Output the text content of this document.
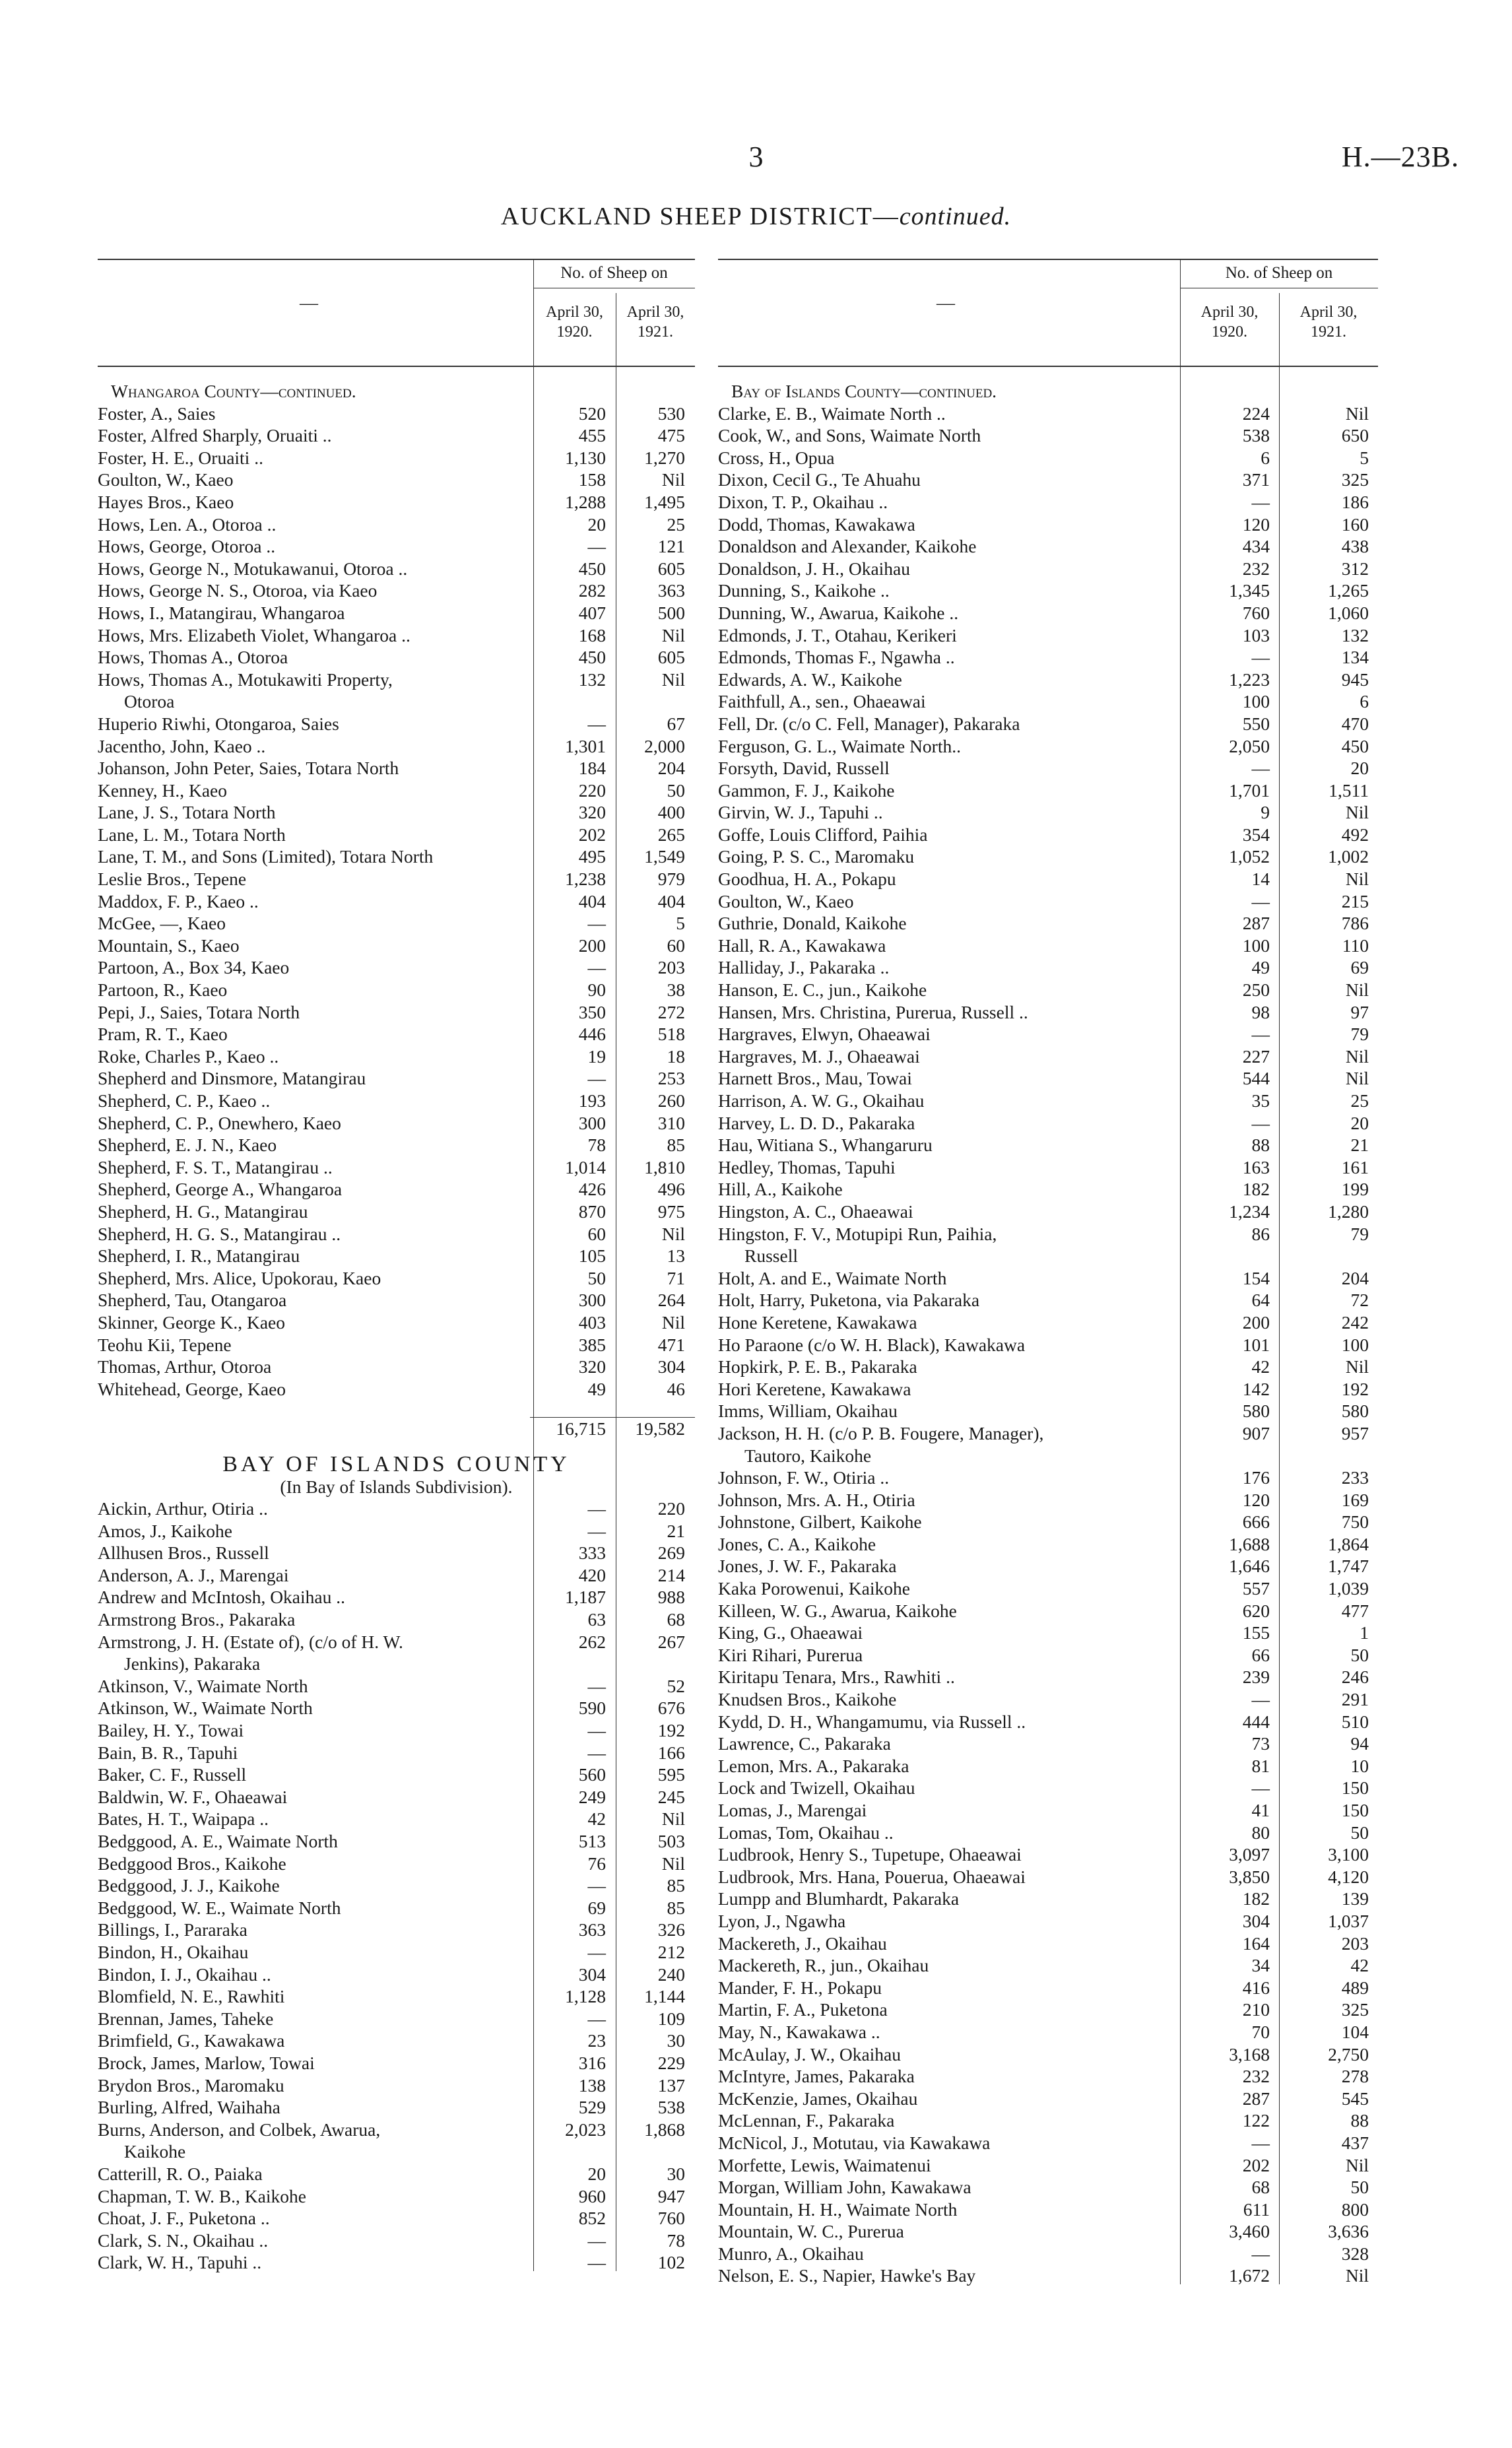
3	H.—23B.
AUCKLAND SHEEP DISTRICT—continued.
—
No. of Sheep on
April 30,
1920.
April 30,
1921.
Whangaroa County—continued.
Foster, A., Saies	520	530
Foster, Alfred Sharply, Oruaiti ..	455	475
Foster, H. E., Oruaiti ..	1,130	1,270
Goulton, W., Kaeo	158	Nil
Hayes Bros., Kaeo	1,288	1,495
Hows, Len. A., Otoroa ..	20	25
Hows, George, Otoroa ..	—	121
Hows, George N., Motukawanui, Otoroa ..	450	605
Hows, George N. S., Otoroa, via Kaeo	282	363
Hows, I., Matangirau, Whangaroa	407	500
Hows, Mrs. Elizabeth Violet, Whangaroa ..	168	Nil
Hows, Thomas A., Otoroa	450	605
Hows, Thomas A., Motukawiti Property,	132	Nil
Otoroa
Huperio Riwhi, Otongaroa, Saies	—	67
Jacentho, John, Kaeo ..	1,301	2,000
Johanson, John Peter, Saies, Totara North	184	204
Kenney, H., Kaeo	220	50
Lane, J. S., Totara North	320	400
Lane, L. M., Totara North	202	265
Lane, T. M., and Sons (Limited), Totara North	495	1,549
Leslie Bros., Tepene	1,238	979
Maddox, F. P., Kaeo ..	404	404
McGee, —, Kaeo	—	5
Mountain, S., Kaeo	200	60
Partoon, A., Box 34, Kaeo	—	203
Partoon, R., Kaeo	90	38
Pepi, J., Saies, Totara North	350	272
Pram, R. T., Kaeo	446	518
Roke, Charles P., Kaeo ..	19	18
Shepherd and Dinsmore, Matangirau	—	253
Shepherd, C. P., Kaeo ..	193	260
Shepherd, C. P., Onewhero, Kaeo	300	310
Shepherd, E. J. N., Kaeo	78	85
Shepherd, F. S. T., Matangirau ..	1,014	1,810
Shepherd, George A., Whangaroa	426	496
Shepherd, H. G., Matangirau	870	975
Shepherd, H. G. S., Matangirau ..	60	Nil
Shepherd, I. R., Matangirau	105	13
Shepherd, Mrs. Alice, Upokorau, Kaeo	50	71
Shepherd, Tau, Otangaroa	300	264
Skinner, George K., Kaeo	403	Nil
Teohu Kii, Tepene	385	471
Thomas, Arthur, Otoroa	320	304
Whitehead, George, Kaeo	49	46
16,715	19,582
BAY OF ISLANDS COUNTY
(In Bay of Islands Subdivision).
Aickin, Arthur, Otiria ..	—	220
Amos, J., Kaikohe	—	21
Allhusen Bros., Russell	333	269
Anderson, A. J., Marengai	420	214
Andrew and McIntosh, Okaihau ..	1,187	988
Armstrong Bros., Pakaraka	63	68
Armstrong, J. H. (Estate of), (c/o of H. W.	262	267
Jenkins), Pakaraka
Atkinson, V., Waimate North	—	52
Atkinson, W., Waimate North	590	676
Bailey, H. Y., Towai	—	192
Bain, B. R., Tapuhi	—	166
Baker, C. F., Russell	560	595
Baldwin, W. F., Ohaeawai	249	245
Bates, H. T., Waipapa ..	42	Nil
Bedggood, A. E., Waimate North	513	503
Bedggood Bros., Kaikohe	76	Nil
Bedggood, J. J., Kaikohe	—	85
Bedggood, W. E., Waimate North	69	85
Billings, I., Pararaka	363	326
Bindon, H., Okaihau	—	212
Bindon, I. J., Okaihau ..	304	240
Blomfield, N. E., Rawhiti	1,128	1,144
Brennan, James, Taheke	—	109
Brimfield, G., Kawakawa	23	30
Brock, James, Marlow, Towai	316	229
Brydon Bros., Maromaku	138	137
Burling, Alfred, Waihaha	529	538
Burns, Anderson, and Colbek, Awarua,	2,023	1,868
Kaikohe
Catterill, R. O., Paiaka	20	30
Chapman, T. W. B., Kaikohe	960	947
Choat, J. F., Puketona ..	852	760
Clark, S. N., Okaihau ..	—	78
Clark, W. H., Tapuhi ..	—	102
—
No. of Sheep on
April 30,
1920.
April 30,
1921.
Bay of Islands County—continued.
Clarke, E. B., Waimate North ..	224	Nil
Cook, W., and Sons, Waimate North	538	650
Cross, H., Opua	6	5
Dixon, Cecil G., Te Ahuahu	371	325
Dixon, T. P., Okaihau ..	—	186
Dodd, Thomas, Kawakawa	120	160
Donaldson and Alexander, Kaikohe	434	438
Donaldson, J. H., Okaihau	232	312
Dunning, S., Kaikohe ..	1,345	1,265
Dunning, W., Awarua, Kaikohe ..	760	1,060
Edmonds, J. T., Otahau, Kerikeri	103	132
Edmonds, Thomas F., Ngawha ..	—	134
Edwards, A. W., Kaikohe	1,223	945
Faithfull, A., sen., Ohaeawai	100	6
Fell, Dr. (c/o C. Fell, Manager), Pakaraka	550	470
Ferguson, G. L., Waimate North..	2,050	450
Forsyth, David, Russell	—	20
Gammon, F. J., Kaikohe	1,701	1,511
Girvin, W. J., Tapuhi ..	9	Nil
Goffe, Louis Clifford, Paihia	354	492
Going, P. S. C., Maromaku	1,052	1,002
Goodhua, H. A., Pokapu	14	Nil
Goulton, W., Kaeo	—	215
Guthrie, Donald, Kaikohe	287	786
Hall, R. A., Kawakawa	100	110
Halliday, J., Pakaraka ..	49	69
Hanson, E. C., jun., Kaikohe	250	Nil
Hansen, Mrs. Christina, Purerua, Russell ..	98	97
Hargraves, Elwyn, Ohaeawai	—	79
Hargraves, M. J., Ohaeawai	227	Nil
Harnett Bros., Mau, Towai	544	Nil
Harrison, A. W. G., Okaihau	35	25
Harvey, L. D. D., Pakaraka	—	20
Hau, Witiana S., Whangaruru	88	21
Hedley, Thomas, Tapuhi	163	161
Hill, A., Kaikohe	182	199
Hingston, A. C., Ohaeawai	1,234	1,280
Hingston, F. V., Motupipi Run, Paihia,	86	79
Russell
Holt, A. and E., Waimate North	154	204
Holt, Harry, Puketona, via Pakaraka	64	72
Hone Keretene, Kawakawa	200	242
Ho Paraone (c/o W. H. Black), Kawakawa	101	100
Hopkirk, P. E. B., Pakaraka	42	Nil
Hori Keretene, Kawakawa	142	192
Imms, William, Okaihau	580	580
Jackson, H. H. (c/o P. B. Fougere, Manager),	907	957
Tautoro, Kaikohe
Johnson, F. W., Otiria ..	176	233
Johnson, Mrs. A. H., Otiria	120	169
Johnstone, Gilbert, Kaikohe	666	750
Jones, C. A., Kaikohe	1,688	1,864
Jones, J. W. F., Pakaraka	1,646	1,747
Kaka Porowenui, Kaikohe	557	1,039
Killeen, W. G., Awarua, Kaikohe	620	477
King, G., Ohaeawai	155	1
Kiri Rihari, Purerua	66	50
Kiritapu Tenara, Mrs., Rawhiti ..	239	246
Knudsen Bros., Kaikohe	—	291
Kydd, D. H., Whangamumu, via Russell ..	444	510
Lawrence, C., Pakaraka	73	94
Lemon, Mrs. A., Pakaraka	81	10
Lock and Twizell, Okaihau	—	150
Lomas, J., Marengai	41	150
Lomas, Tom, Okaihau ..	80	50
Ludbrook, Henry S., Tupetupe, Ohaeawai	3,097	3,100
Ludbrook, Mrs. Hana, Pouerua, Ohaeawai	3,850	4,120
Lumpp and Blumhardt, Pakaraka	182	139
Lyon, J., Ngawha	304	1,037
Mackereth, J., Okaihau	164	203
Mackereth, R., jun., Okaihau	34	42
Mander, F. H., Pokapu	416	489
Martin, F. A., Puketona	210	325
May, N., Kawakawa ..	70	104
McAulay, J. W., Okaihau	3,168	2,750
McIntyre, James, Pakaraka	232	278
McKenzie, James, Okaihau	287	545
McLennan, F., Pakaraka	122	88
McNicol, J., Motutau, via Kawakawa	—	437
Morfette, Lewis, Waimatenui	202	Nil
Morgan, William John, Kawakawa	68	50
Mountain, H. H., Waimate North	611	800
Mountain, W. C., Purerua	3,460	3,636
Munro, A., Okaihau	—	328
Nelson, E. S., Napier, Hawke's Bay	1,672	Nil
